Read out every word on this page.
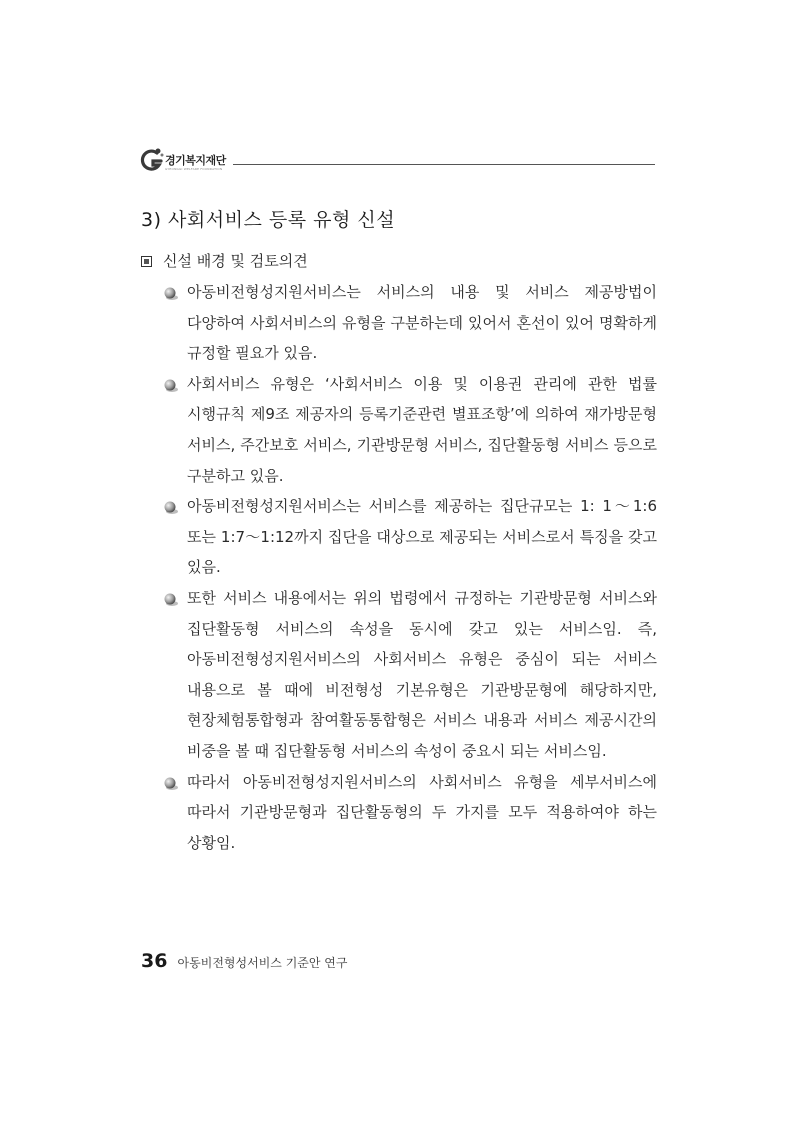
경기복지재단
GYEONGGI WELFARE FOUNDATION
3) 사회서비스 등록 유형 신설
신설 배경 및 검토의견
아동비전형성지원서비스는 서비스의 내용 및 서비스 제공방법이 다양하여 사회서비스의 유형을 구분하는데 있어서 혼선이 있어 명확하게 규정할 필요가 있음.
사회서비스 유형은 ‘사회서비스 이용 및 이용권 관리에 관한 법률 시행규칙 제9조 제공자의 등록기준관련 별표조항’에 의하여 재가방문형 서비스, 주간보호 서비스, 기관방문형 서비스, 집단활동형 서비스 등으로 구분하고 있음.
아동비전형성지원서비스는 서비스를 제공하는 집단규모는 1: 1～1:6 또는 1:7～1:12까지 집단을 대상으로 제공되는 서비스로서 특징을 갖고 있음.
또한 서비스 내용에서는 위의 법령에서 규정하는 기관방문형 서비스와 집단활동형 서비스의 속성을 동시에 갖고 있는 서비스임. 즉, 아동비전형성지원서비스의 사회서비스 유형은 중심이 되는 서비스 내용으로 볼 때에 비전형성 기본유형은 기관방문형에 해당하지만, 현장체험통합형과 참여활동통합형은 서비스 내용과 서비스 제공시간의 비중을 볼 때 집단활동형 서비스의 속성이 중요시 되는 서비스임.
따라서 아동비전형성지원서비스의 사회서비스 유형을 세부서비스에 따라서 기관방문형과 집단활동형의 두 가지를 모두 적용하여야 하는 상황임.
36 아동비전형성서비스 기준안 연구
